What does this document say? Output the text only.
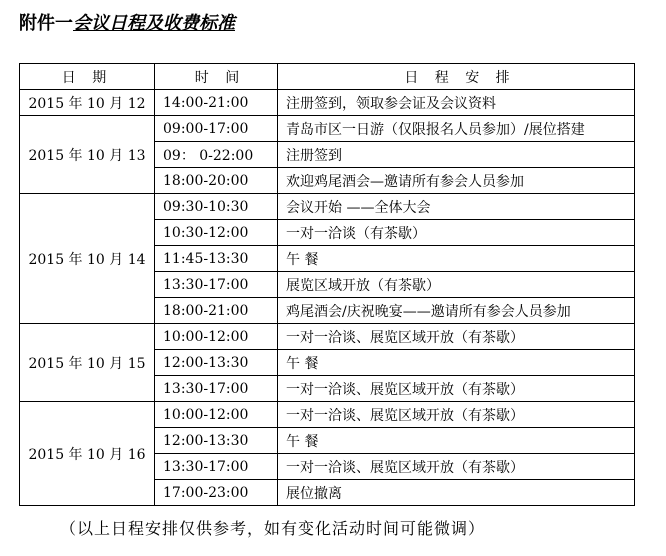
附件一会议日程及收费标准
日 期	时 间	日 程 安 排
2015 年 10 月 12	14:00-21:00	注册签到，领取参会证及会议资料
2015 年 10 月 13	09:00-17:00	青岛市区一日游（仅限报名人员参加）/展位搭建
	09： 0-22:00	注册签到
	18:00-20:00	欢迎鸡尾酒会—邀请所有参会人员参加
2015 年 10 月 14	09:30-10:30	会议开始 ——全体大会
	10:30-12:00	一对一洽谈（有茶歇）
	11:45-13:30	午 餐
	13:30-17:00	展览区域开放（有茶歇）
	18:00-21:00	鸡尾酒会/庆祝晚宴——邀请所有参会人员参加
2015 年 10 月 15	10:00-12:00	一对一洽谈、展览区域开放（有茶歇）
	12:00-13:30	午 餐
	13:30-17:00	一对一洽谈、展览区域开放（有茶歇）
2015 年 10 月 16	10:00-12:00	一对一洽谈、展览区域开放（有茶歇）
	12:00-13:30	午 餐
	13:30-17:00	一对一洽谈、展览区域开放（有茶歇）
	17:00-23:00	展位撤离
（以上日程安排仅供参考，如有变化活动时间可能微调）
